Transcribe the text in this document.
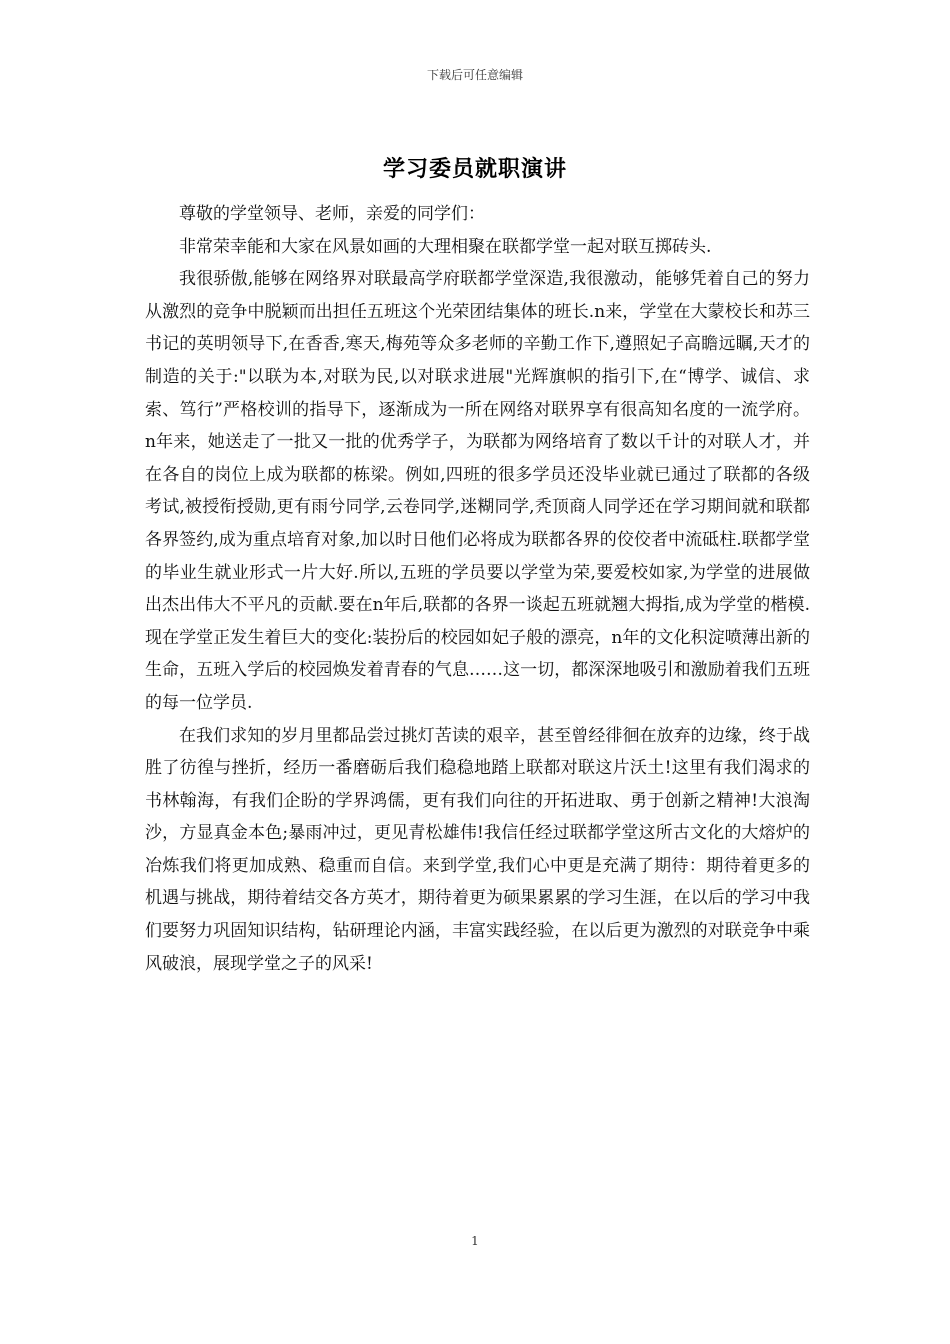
下载后可任意编辑
学习委员就职演讲

尊敬的学堂领导、老师，亲爱的同学们：

非常荣幸能和大家在风景如画的大理相聚在联都学堂一起对联互掷砖头.

我很骄傲,能够在网络界对联最高学府联都学堂深造,我很激动，能够凭着自己的努力从激烈的竞争中脱颖而出担任五班这个光荣团结集体的班长.n来，学堂在大蒙校长和苏三书记的英明领导下,在香香,寒天,梅苑等众多老师的辛勤工作下,遵照妃子高瞻远瞩,天才的制造的关于:"以联为本,对联为民,以对联求进展"光辉旗帜的指引下,在“博学、诚信、求索、笃行”严格校训的指导下，逐渐成为一所在网络对联界享有很高知名度的一流学府。n年来，她送走了一批又一批的优秀学子，为联都为网络培育了数以千计的对联人才，并在各自的岗位上成为联都的栋梁。例如,四班的很多学员还没毕业就已通过了联都的各级考试,被授衔授勋,更有雨兮同学,云卷同学,迷糊同学,秃顶商人同学还在学习期间就和联都各界签约,成为重点培育对象,加以时日他们必将成为联都各界的佼佼者中流砥柱.联都学堂的毕业生就业形式一片大好.所以,五班的学员要以学堂为荣,要爱校如家,为学堂的进展做出杰出伟大不平凡的贡献.要在n年后,联都的各界一谈起五班就翘大拇指,成为学堂的楷模.现在学堂正发生着巨大的变化:装扮后的校园如妃子般的漂亮，n年的文化积淀喷薄出新的生命，五班入学后的校园焕发着青春的气息……这一切，都深深地吸引和激励着我们五班的每一位学员.

在我们求知的岁月里都品尝过挑灯苦读的艰辛，甚至曾经徘徊在放弃的边缘，终于战胜了彷徨与挫折，经历一番磨砺后我们稳稳地踏上联都对联这片沃土!这里有我们渴求的书林翰海，有我们企盼的学界鸿儒，更有我们向往的开拓进取、勇于创新之精神!大浪淘沙，方显真金本色;暴雨冲过，更见青松雄伟!我信任经过联都学堂这所古文化的大熔炉的冶炼我们将更加成熟、稳重而自信。来到学堂,我们心中更是充满了期待：期待着更多的机遇与挑战，期待着结交各方英才，期待着更为硕果累累的学习生涯，在以后的学习中我们要努力巩固知识结构，钻研理论内涵，丰富实践经验，在以后更为激烈的对联竞争中乘风破浪，展现学堂之子的风采!

1
